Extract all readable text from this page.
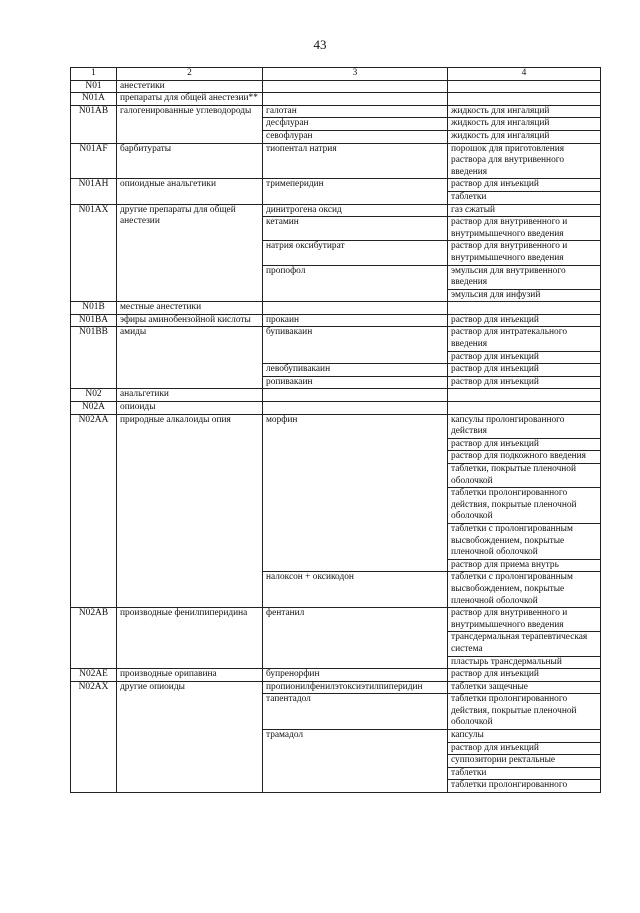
43
1	2	3	4
N01	анестетики		
N01A	препараты для общей анестезии**		
N01AB	галогенированные углеводороды	галотан	жидкость для ингаляций
		десфлуран	жидкость для ингаляций
		севофлуран	жидкость для ингаляций
N01AF	барбитураты	тиопентал натрия	порошок для приготовления раствора для внутривенного введения
N01AH	опиоидные анальгетики	тримеперидин	раствор для инъекций
			таблетки
N01AX	другие препараты для общей анестезии	динитрогена оксид	газ сжатый
		кетамин	раствор для внутривенного и внутримышечного введения
		натрия оксибутират	раствор для внутривенного и внутримышечного введения
		пропофол	эмульсия для внутривенного введения
			эмульсия для инфузий
N01B	местные анестетики		
N01BA	эфиры аминобензойной кислоты	прокаин	раствор для инъекций
N01BB	амиды	бупивакаин	раствор для интратекального введения
			раствор для инъекций
		левобупивакаин	раствор для инъекций
		ропивакаин	раствор для инъекций
N02	анальгетики		
N02A	опиоиды		
N02AA	природные алкалоиды опия	морфин	капсулы пролонгированного действия
			раствор для инъекций
			раствор для подкожного введения
			таблетки, покрытые пленочной оболочкой
			таблетки пролонгированного действия, покрытые пленочной оболочкой
			таблетки с пролонгированным высвобождением, покрытые пленочной оболочкой
			раствор для приема внутрь
		налоксон + оксикодон	таблетки с пролонгированным высвобождением, покрытые пленочной оболочкой
N02AB	производные фенилпиперидина	фентанил	раствор для внутривенного и внутримышечного введения
			трансдермальная терапевтическая система
			пластырь трансдермальный
N02AE	производные орипавина	бупренорфин	раствор для инъекций
N02AX	другие опиоиды	пропионилфенилэтоксиэтилпиперидин	таблетки защечные
		тапентадол	таблетки пролонгированного действия, покрытые пленочной оболочкой
		трамадол	капсулы
			раствор для инъекций
			суппозитории ректальные
			таблетки
			таблетки пролонгированного
